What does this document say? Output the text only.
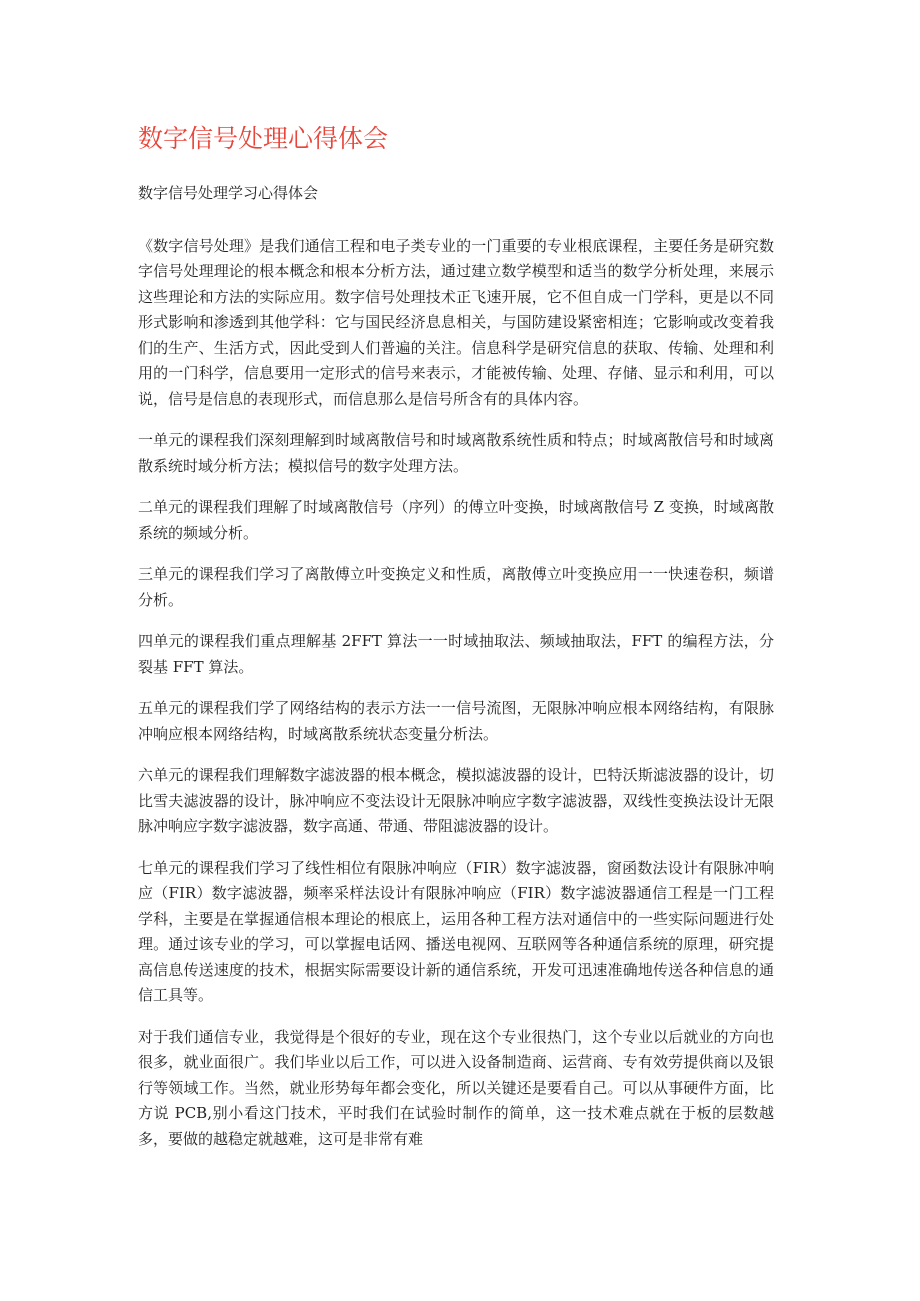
数字信号处理心得体会

数字信号处理学习心得体会

《数字信号处理》是我们通信工程和电子类专业的一门重要的专业根底课程，主要任务是研究数字信号处理理论的根本概念和根本分析方法，通过建立数学模型和适当的数学分析处理，来展示这些理论和方法的实际应用。数字信号处理技术正飞速开展，它不但自成一门学科，更是以不同形式影响和渗透到其他学科：它与国民经济息息相关，与国防建设紧密相连；它影响或改变着我们的生产、生活方式，因此受到人们普遍的关注。信息科学是研究信息的获取、传输、处理和利用的一门科学，信息要用一定形式的信号来表示，才能被传输、处理、存储、显示和利用，可以说，信号是信息的表现形式，而信息那么是信号所含有的具体内容。

一单元的课程我们深刻理解到时域离散信号和时域离散系统性质和特点；时域离散信号和时域离散系统时域分析方法；模拟信号的数字处理方法。

二单元的课程我们理解了时域离散信号（序列）的傅立叶变换，时域离散信号 Z 变换，时域离散系统的频域分析。

三单元的课程我们学习了离散傅立叶变换定义和性质，离散傅立叶变换应用一一快速卷积，频谱分析。

四单元的课程我们重点理解基 2FFT 算法一一时域抽取法、频域抽取法，FFT 的编程方法，分裂基 FFT 算法。

五单元的课程我们学了网络结构的表示方法一一信号流图，无限脉冲响应根本网络结构，有限脉冲响应根本网络结构，时域离散系统状态变量分析法。

六单元的课程我们理解数字滤波器的根本概念，模拟滤波器的设计，巴特沃斯滤波器的设计，切比雪夫滤波器的设计，脉冲响应不变法设计无限脉冲响应字数字滤波器，双线性变换法设计无限脉冲响应字数字滤波器，数字高通、带通、带阻滤波器的设计。

七单元的课程我们学习了线性相位有限脉冲响应（FIR）数字滤波器，窗函数法设计有限脉冲响应（FIR）数字滤波器，频率采样法设计有限脉冲响应（FIR）数字滤波器通信工程是一门工程学科，主要是在掌握通信根本理论的根底上，运用各种工程方法对通信中的一些实际问题进行处理。通过该专业的学习，可以掌握电话网、播送电视网、互联网等各种通信系统的原理，研究提高信息传送速度的技术，根据实际需要设计新的通信系统，开发可迅速准确地传送各种信息的通信工具等。

对于我们通信专业，我觉得是个很好的专业，现在这个专业很热门，这个专业以后就业的方向也很多，就业面很广。我们毕业以后工作，可以进入设备制造商、运营商、专有效劳提供商以及银行等领域工作。当然，就业形势每年都会变化，所以关键还是要看自己。可以从事硬件方面，比方说 PCB,别小看这门技术，平时我们在试验时制作的简单，这一技术难点就在于板的层数越多，要做的越稳定就越难，这可是非常有难
